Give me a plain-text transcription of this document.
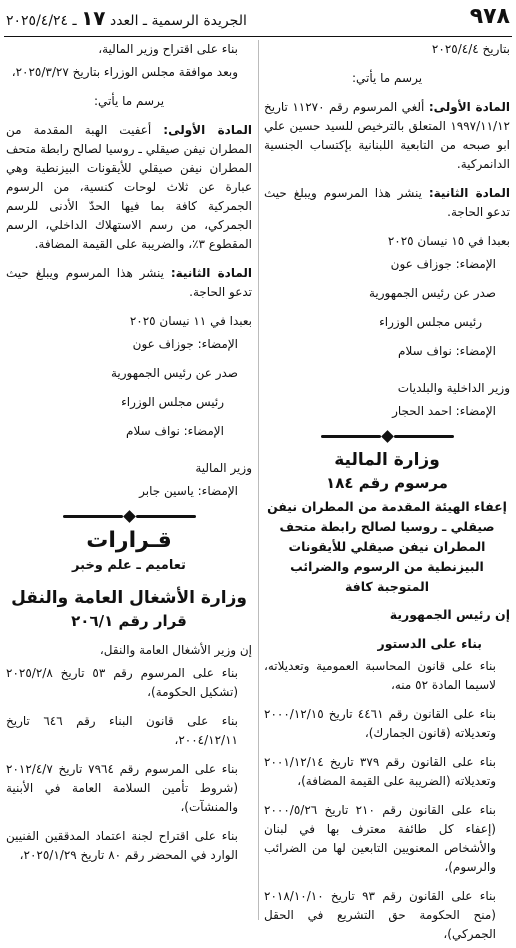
٩٧٨
الجريدة الرسمية ـ العدد ١٧ ـ ٢٠٢٥/٤/٢٤

بتاريخ ٢٠٢٥/٤/٤

يرسم ما يأتي:

المادة الأولى: ألغي المرسوم رقم ١١٢٧٠ تاريخ ١٩٩٧/١١/١٢ المتعلق بالترخيص للسيد حسين علي ابو صبحه من التابعية اللبنانية بإكتساب الجنسية الدانمركية.

المادة الثانية: ينشر هذا المرسوم ويبلغ حيث تدعو الحاجة.

بعبدا في ١٥ نيسان ٢٠٢٥

الإمضاء: جوزاف عون

صدر عن رئيس الجمهورية

رئيس مجلس الوزراء

الإمضاء: نواف سلام

وزير الداخلية والبلديات

الإمضاء: احمد الحجار

وزارة المالية
مرسوم رقم ١٨٤
إعفاء الهيئة المقدمة من المطران نيفن صيقلي ـ روسيا لصالح رابطة متحف المطران نيفن صيقلي للأيقونات البيزنطية من الرسوم والضرائب المتوجبة كافة

إن رئيس الجمهورية

بناء على الدستور

بناء على قانون المحاسبة العمومية وتعديلاته، لاسيما المادة ٥٢ منه،

بناء على القانون رقم ٤٤٦١ تاريخ ٢٠٠٠/١٢/١٥ وتعديلاته (قانون الجمارك)،

بناء على القانون رقم ٣٧٩ تاريخ ٢٠٠١/١٢/١٤ وتعديلاته (الضريبة على القيمة المضافة)،

بناء على القانون رقم ٢١٠ تاريخ ٢٠٠٠/٥/٢٦ (إعفاء كل طائفة معترف بها في لبنان والأشخاص المعنويين التابعين لها من الضرائب والرسوم)،

بناء على القانون رقم ٩٣ تاريخ ٢٠١٨/١٠/١٠ (منح الحكومة حق التشريع في الحقل الجمركي)،

بناء على اقتراح وزير المالية،

وبعد موافقة مجلس الوزراء بتاريخ ٢٠٢٥/٣/٢٧،

يرسم ما يأتي:

المادة الأولى: أعفيت الهبة المقدمة من المطران نيفن صيقلي ـ روسيا لصالح رابطة متحف المطران نيفن صيقلي للأيقونات البيزنطية وهي عبارة عن ثلاث لوحات كنسية، من الرسوم الجمركية كافة بما فيها الحدّ الأدنى للرسم الجمركي، من رسم الاستهلاك الداخلي، الرسم المقطوع ٣٪، والضريبة على القيمة المضافة.

المادة الثانية: ينشر هذا المرسوم ويبلغ حيث تدعو الحاجة.

بعبدا في ١١ نيسان ٢٠٢٥

الإمضاء: جوزاف عون

صدر عن رئيس الجمهورية

رئيس مجلس الوزراء

الإمضاء: نواف سلام

وزير المالية

الإمضاء: ياسين جابر

قـرارات
تعاميم ـ علم وخبر
وزارة الأشغال العامة والنقل
قرار رقم ٢٠٦/١

إن وزير الأشغال العامة والنقل،

بناء على المرسوم رقم ٥٣ تاريخ ٢٠٢٥/٢/٨ (تشكيل الحكومة)،

بناء على قانون البناء رقم ٦٤٦ تاريخ ٢٠٠٤/١٢/١١،

بناء على المرسوم رقم ٧٩٦٤ تاريخ ٢٠١٢/٤/٧ (شروط تأمين السلامة العامة في الأبنية والمنشآت)،

بناء على اقتراح لجنة اعتماد المدققين الفنيين الوارد في المحضر رقم ٨٠ تاريخ ٢٠٢٥/١/٢٩،
